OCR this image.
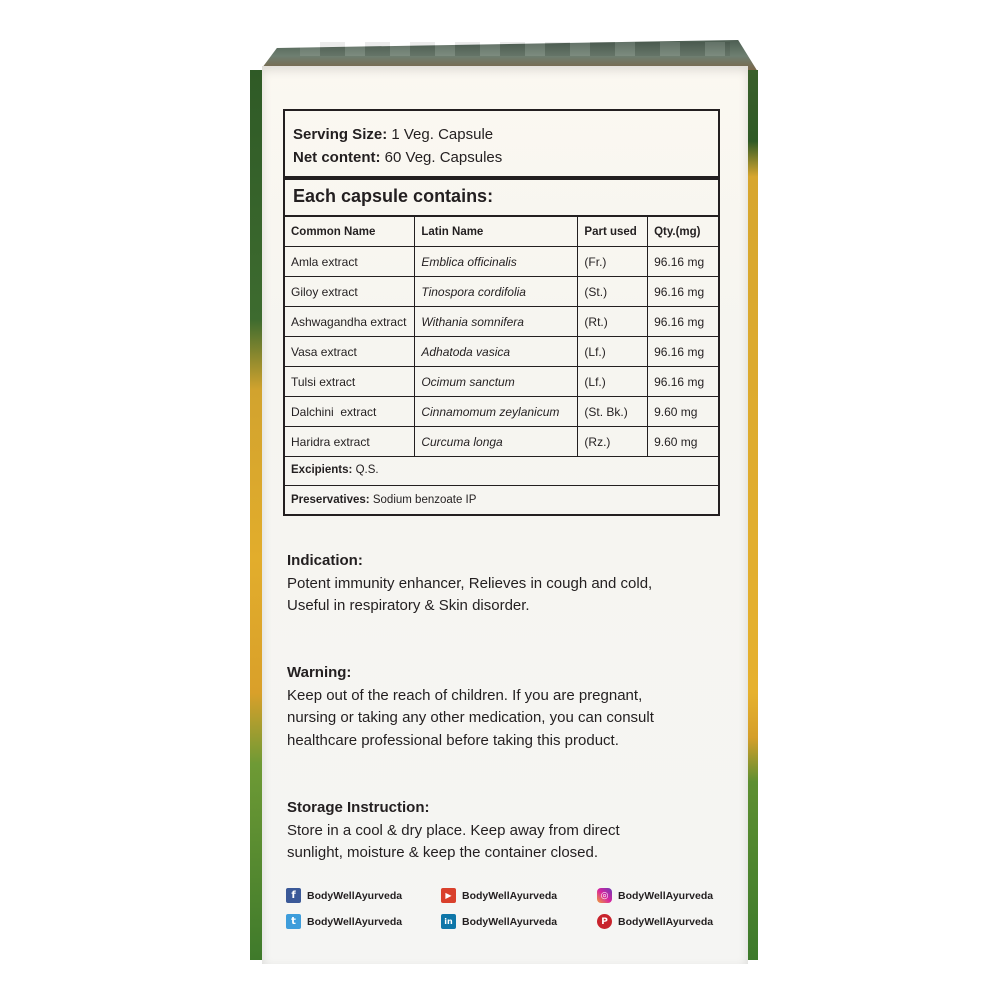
Serving Size: 1 Veg. Capsule
Net content: 60 Veg. Capsules
Each capsule contains:
Common Name	Latin Name	Part used	Qty.(mg)
Amla extract	Emblica officinalis	(Fr.)	96.16 mg
Giloy extract	Tinospora cordifolia	(St.)	96.16 mg
Ashwagandha extract	Withania somnifera	(Rt.)	96.16 mg
Vasa extract	Adhatoda vasica	(Lf.)	96.16 mg
Tulsi extract	Ocimum sanctum	(Lf.)	96.16 mg
Dalchini  extract	Cinnamomum zeylanicum	(St. Bk.)	9.60 mg
Haridra extract	Curcuma longa	(Rz.)	9.60 mg
Excipients: Q.S.
Preservatives: Sodium benzoate IP
Indication:
Potent immunity enhancer, Relieves in cough and cold,
Useful in respiratory & Skin disorder.
Warning:
Keep out of the reach of children. If you are pregnant,
nursing or taking any other medication, you can consult
healthcare professional before taking this product.
Storage Instruction:
Store in a cool & dry place. Keep away from direct
sunlight, moisture & keep the container closed.
f	BodyWellAyurveda	▶ BodyWellAyurveda	◎ BodyWellAyurveda
t	BodyWellAyurveda	in BodyWellAyurveda	P BodyWellAyurveda
